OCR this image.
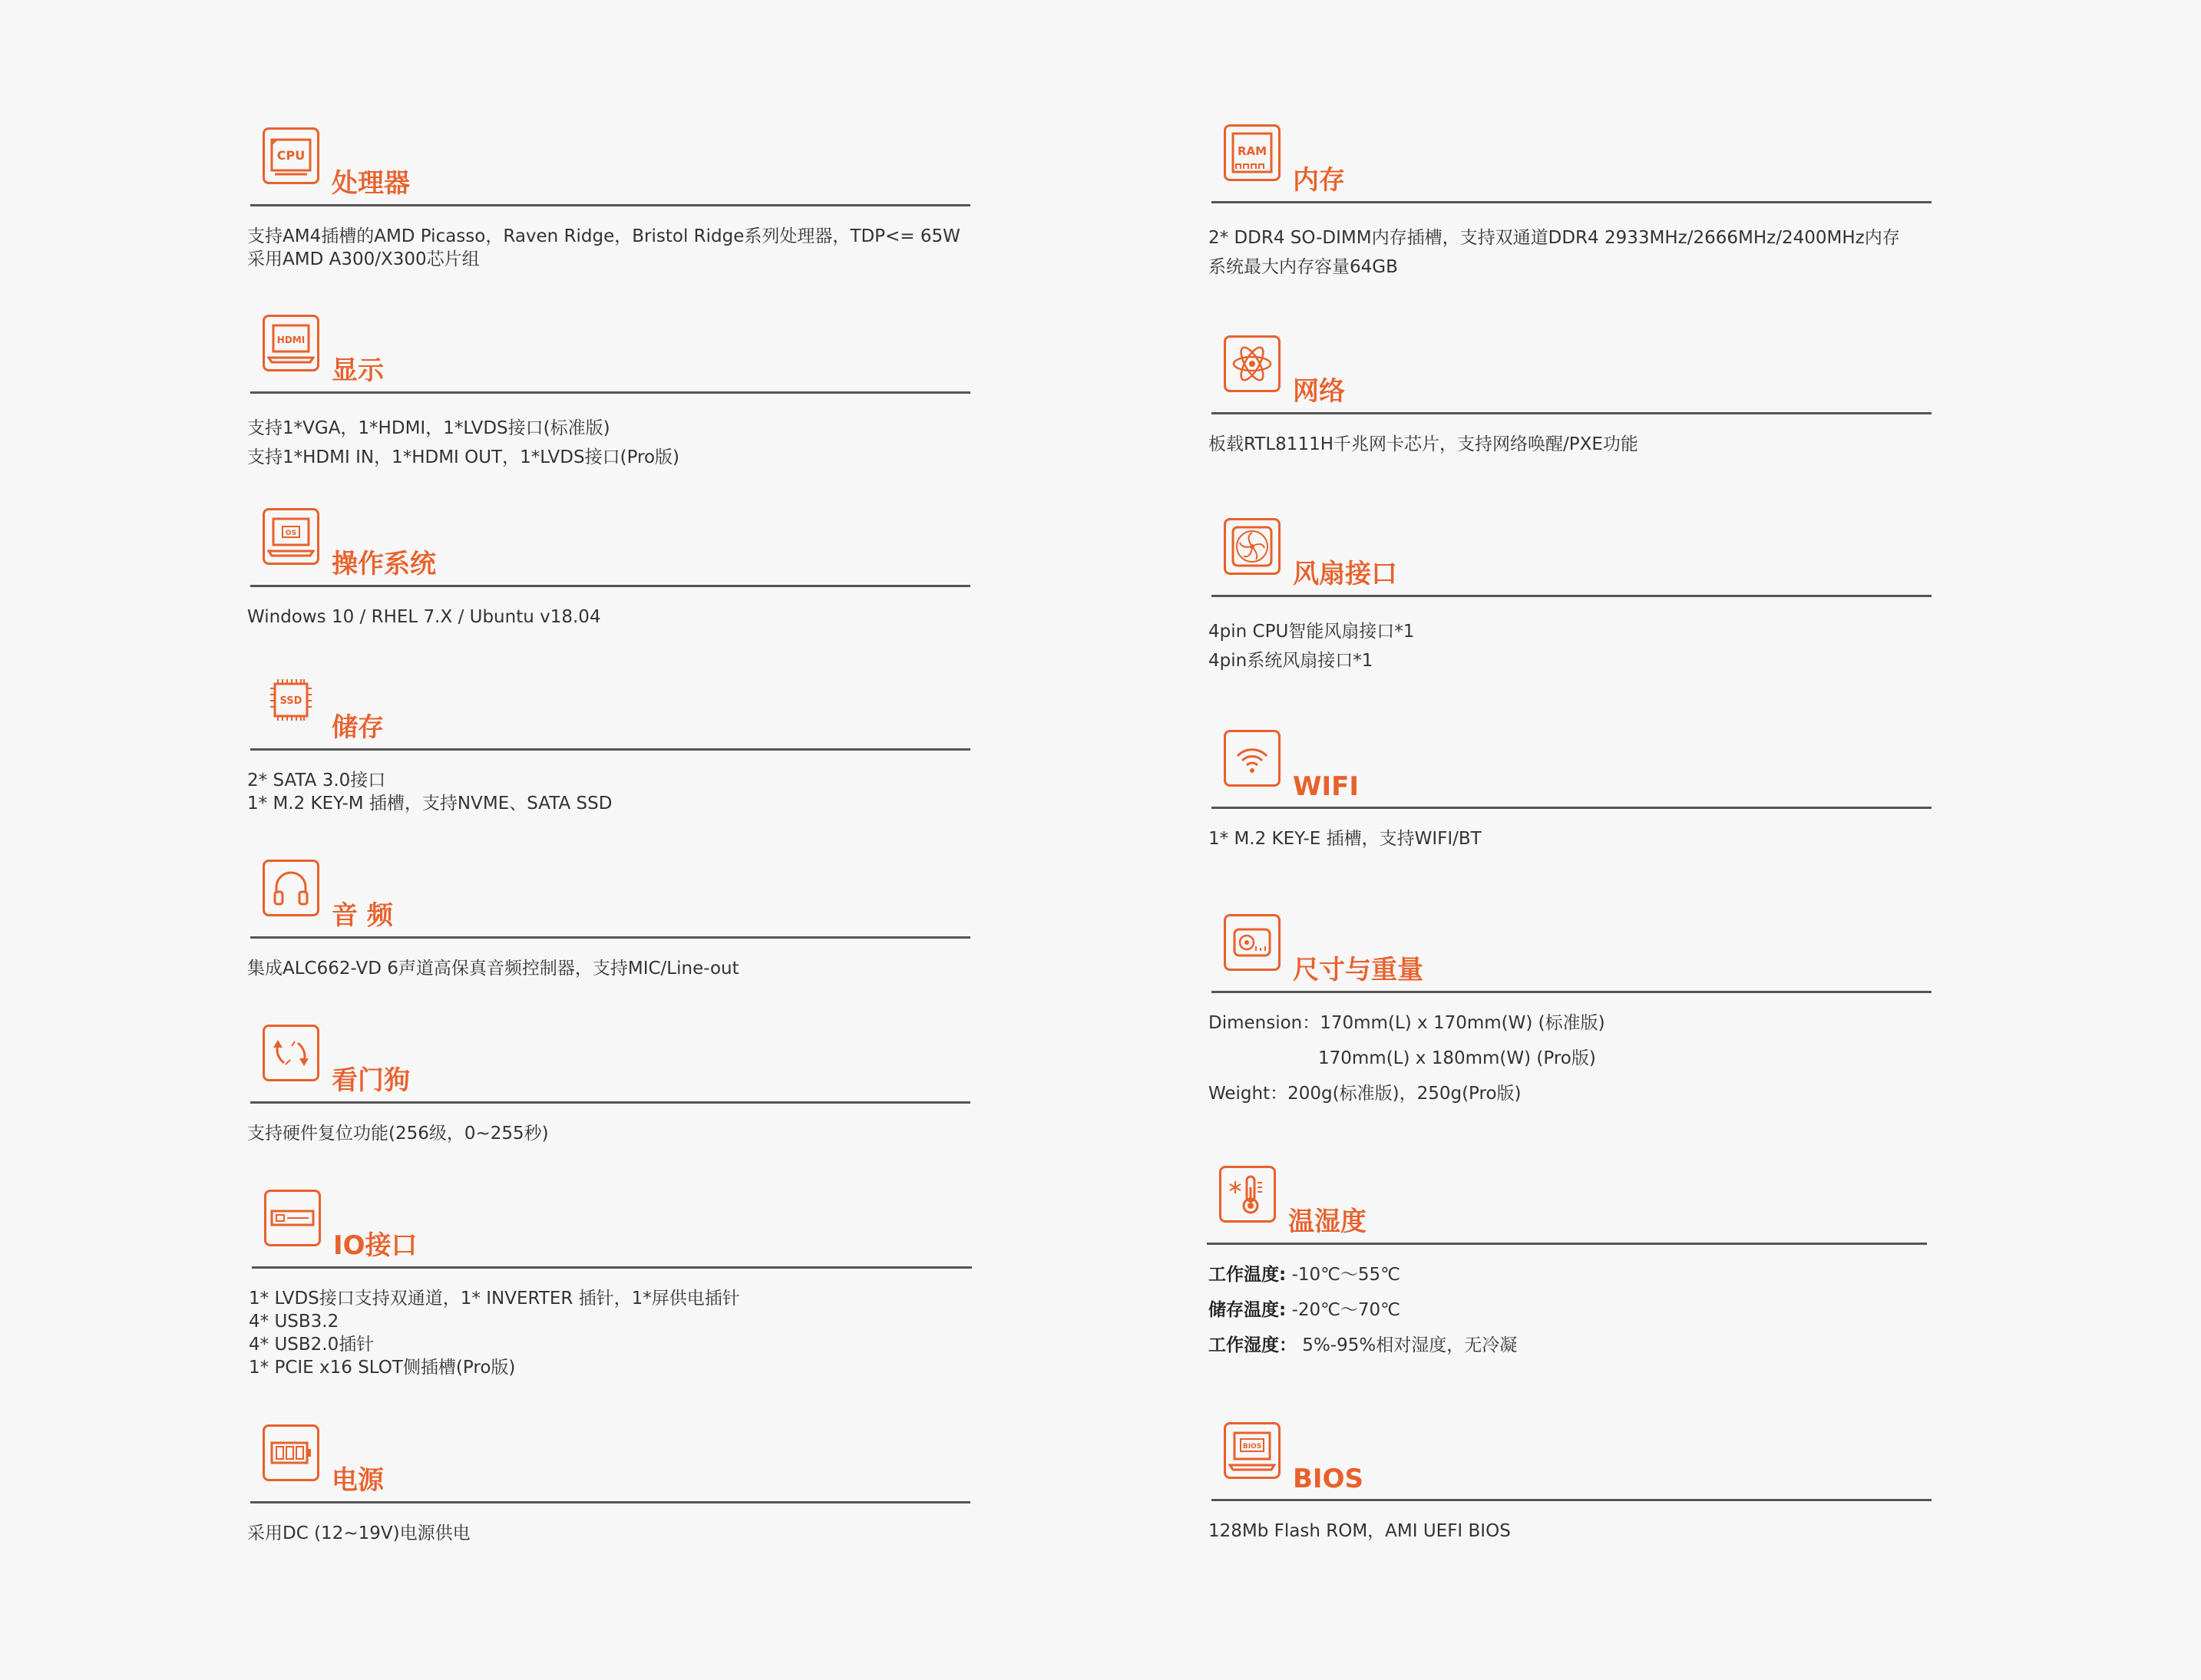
CPU
处理器
支持AM4插槽的AMD Picasso，Raven Ridge，Bristol Ridge系列处理器，TDP<= 65W
采用AMD A300/X300芯片组
HDMI
显示
支持1*VGA，1*HDMI，1*LVDS接口(标准版)
支持1*HDMI IN，1*HDMI OUT，1*LVDS接口(Pro版)
OS
操作系统
Windows 10 / RHEL 7.X / Ubuntu v18.04
SSD
储存
2* SATA 3.0接口
1* M.2 KEY-M 插槽，支持NVME、SATA SSD
音 频
集成ALC662-VD 6声道高保真音频控制器，支持MIC/Line-out
看门狗
支持硬件复位功能(256级，0~255秒)
IO接口
1* LVDS接口支持双通道，1* INVERTER 插针，1*屏供电插针
4* USB3.2
4* USB2.0插针
1* PCIE x16 SLOT侧插槽(Pro版)
电源
采用DC (12~19V)电源供电
RAM
内存
2* DDR4 SO-DIMM内存插槽，支持双通道DDR4 2933MHz/2666MHz/2400MHz内存
系统最大内存容量64GB
网络
板载RTL8111H千兆网卡芯片，支持网络唤醒/PXE功能
风扇接口
4pin CPU智能风扇接口*1
4pin系统风扇接口*1
WIFI
1* M.2 KEY-E 插槽，支持WIFI/BT
尺寸与重量
Dimension：170mm(L) x 170mm(W) (标准版)
170mm(L) x 180mm(W) (Pro版)
Weight：200g(标准版)，250g(Pro版)
温湿度
工作温度: -10℃～55℃
储存温度: -20℃～70℃
工作湿度： 5%-95%相对湿度，无冷凝
BIOS
BIOS
128Mb Flash ROM，AMI UEFI BIOS
